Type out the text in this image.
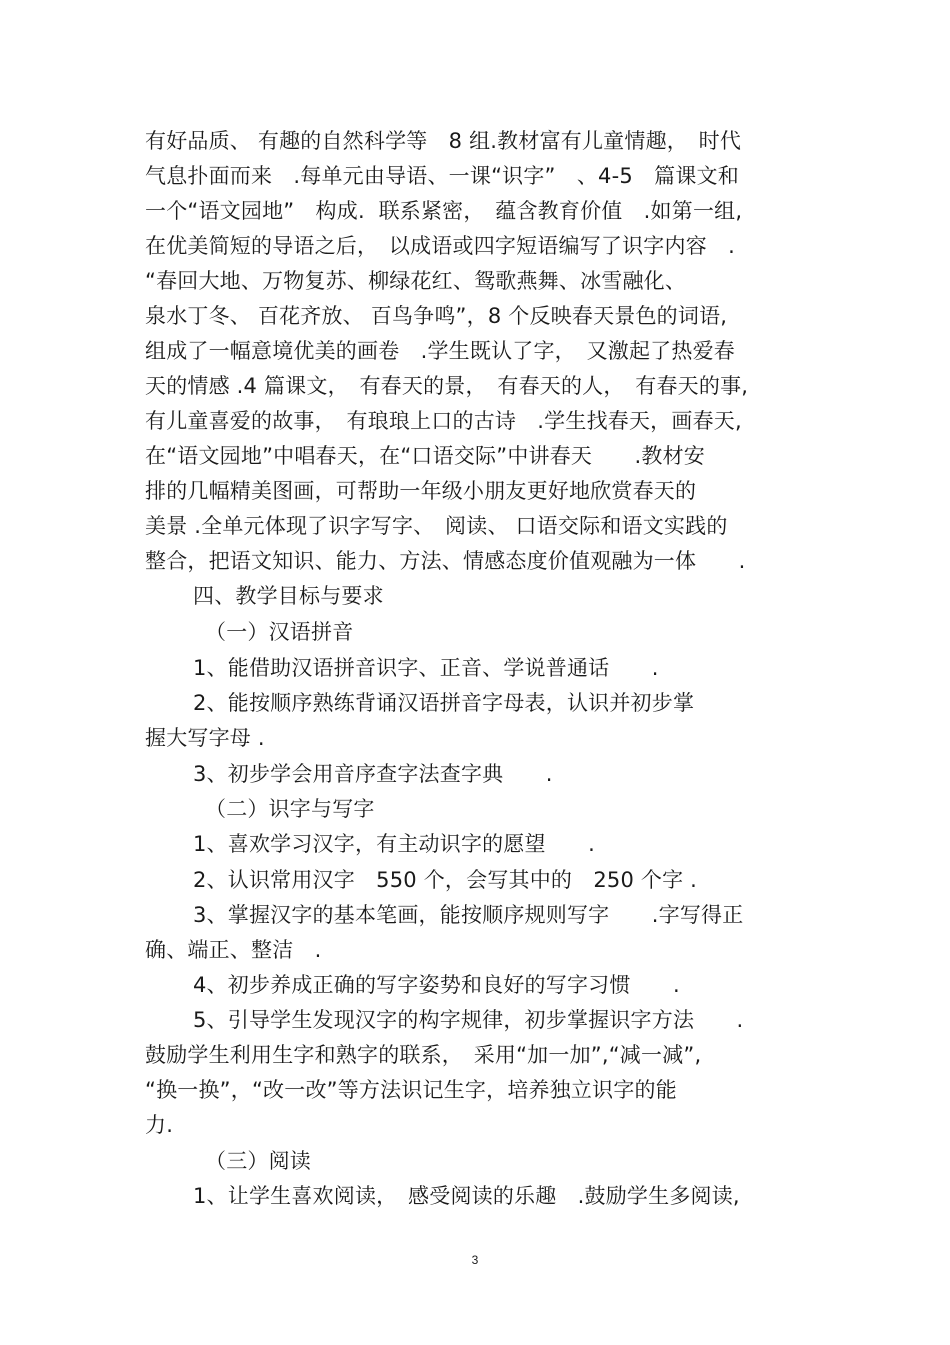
有好品质、 有趣的自然科学等　8 组.教材富有儿童情趣，　时代
气息扑面而来　.每单元由导语、一课“识字”　、4-5　篇课文和
一个“语文园地”　构成.  联系紧密，　蕴含教育价值　.如第一组,
在优美简短的导语之后，　以成语或四字短语编写了识字内容　.
“春回大地、万物复苏、柳绿花红、鸳歌燕舞、冰雪融化、
泉水丁冬、 百花齐放、 百鸟争鸣”，8 个反映春天景色的词语,
组成了一幅意境优美的画卷　.学生既认了字，　又激起了热爱春
天的情感 .4 篇课文，　有春天的景，　有春天的人，　有春天的事,
有儿童喜爱的故事，　有琅琅上口的古诗　.学生找春天，画春天,
在“语文园地”中唱春天，在“口语交际”中讲春天　　.教材安
排的几幅精美图画，可帮助一年级小朋友更好地欣赏春天的
美景 .全单元体现了识字写字、　阅读、 口语交际和语文实践的
整合，把语文知识、能力、方法、情感态度价值观融为一体　　.
四、教学目标与要求
（一）汉语拼音
1、能借助汉语拼音识字、正音、学说普通话　　.
2、能按顺序熟练背诵汉语拼音字母表，认识并初步掌
握大写字母 .
3、初步学会用音序查字法查字典　　.
（二）识字与写字
1、喜欢学习汉字，有主动识字的愿望　　.
2、认识常用汉字　550 个，会写其中的　250 个字 .
3、掌握汉字的基本笔画，能按顺序规则写字　　.字写得正
确、端正、整洁　.
4、初步养成正确的写字姿势和良好的写字习惯　　.
5、引导学生发现汉字的构字规律，初步掌握识字方法　　.
鼓励学生利用生字和熟字的联系，　采用“加一加”,“减一减”,
“换一换”，“改一改”等方法识记生字，培养独立识字的能
力.
（三）阅读
1、让学生喜欢阅读，　感受阅读的乐趣　.鼓励学生多阅读,
3
